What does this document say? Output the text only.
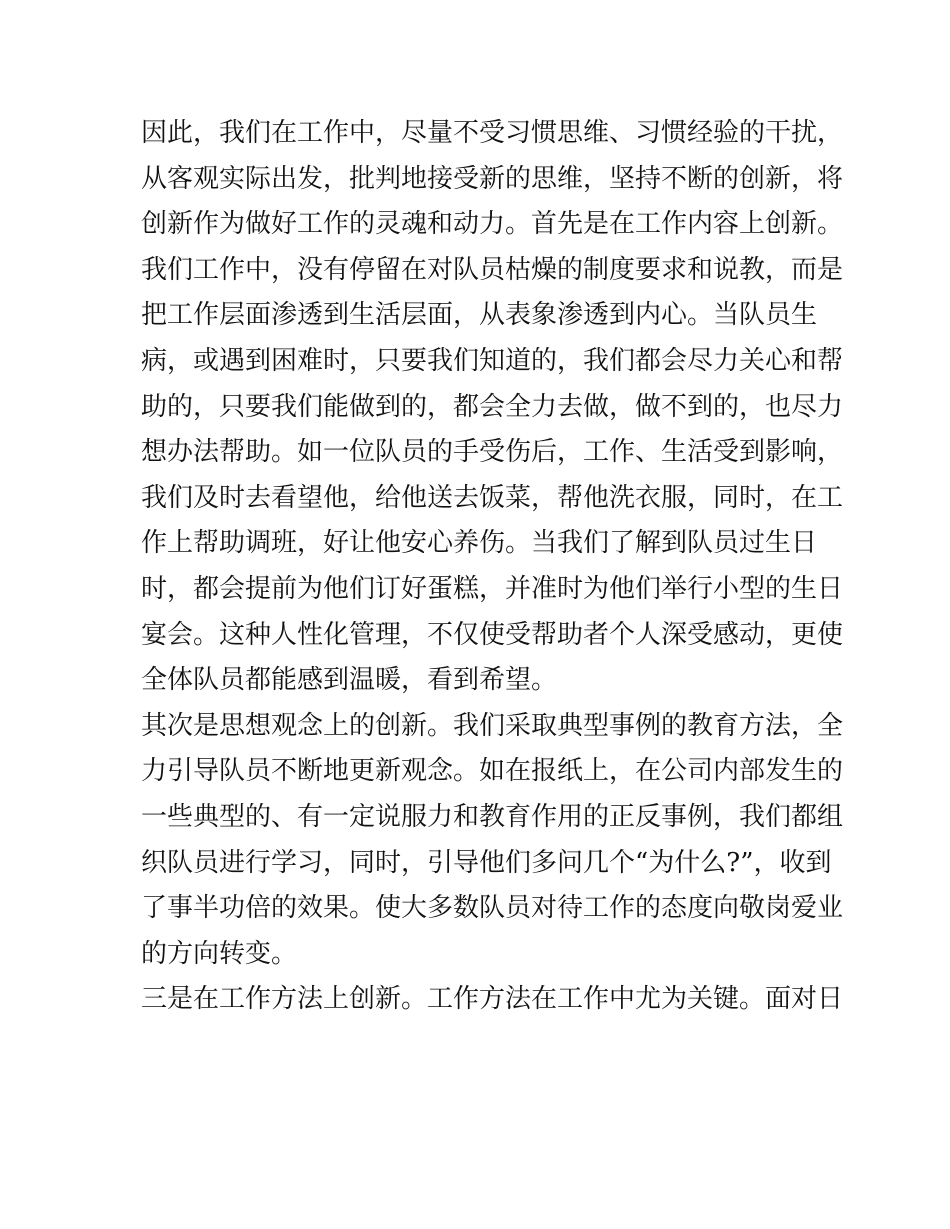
因此，我们在工作中，尽量不受习惯思维、习惯经验的干扰，
从客观实际出发，批判地接受新的思维，坚持不断的创新，将
创新作为做好工作的灵魂和动力。首先是在工作内容上创新。
我们工作中，没有停留在对队员枯燥的制度要求和说教，而是
把工作层面渗透到生活层面，从表象渗透到内心。当队员生
病，或遇到困难时，只要我们知道的，我们都会尽力关心和帮
助的，只要我们能做到的，都会全力去做，做不到的，也尽力
想办法帮助。如一位队员的手受伤后，工作、生活受到影响，
我们及时去看望他，给他送去饭菜，帮他洗衣服，同时，在工
作上帮助调班，好让他安心养伤。当我们了解到队员过生日
时，都会提前为他们订好蛋糕，并准时为他们举行小型的生日
宴会。这种人性化管理，不仅使受帮助者个人深受感动，更使
全体队员都能感到温暖，看到希望。
其次是思想观念上的创新。我们采取典型事例的教育方法，全
力引导队员不断地更新观念。如在报纸上，在公司内部发生的
一些典型的、有一定说服力和教育作用的正反事例，我们都组
织队员进行学习，同时，引导他们多问几个“为什么?”，收到
了事半功倍的效果。使大多数队员对待工作的态度向敬岗爱业
的方向转变。
三是在工作方法上创新。工作方法在工作中尤为关键。面对日
